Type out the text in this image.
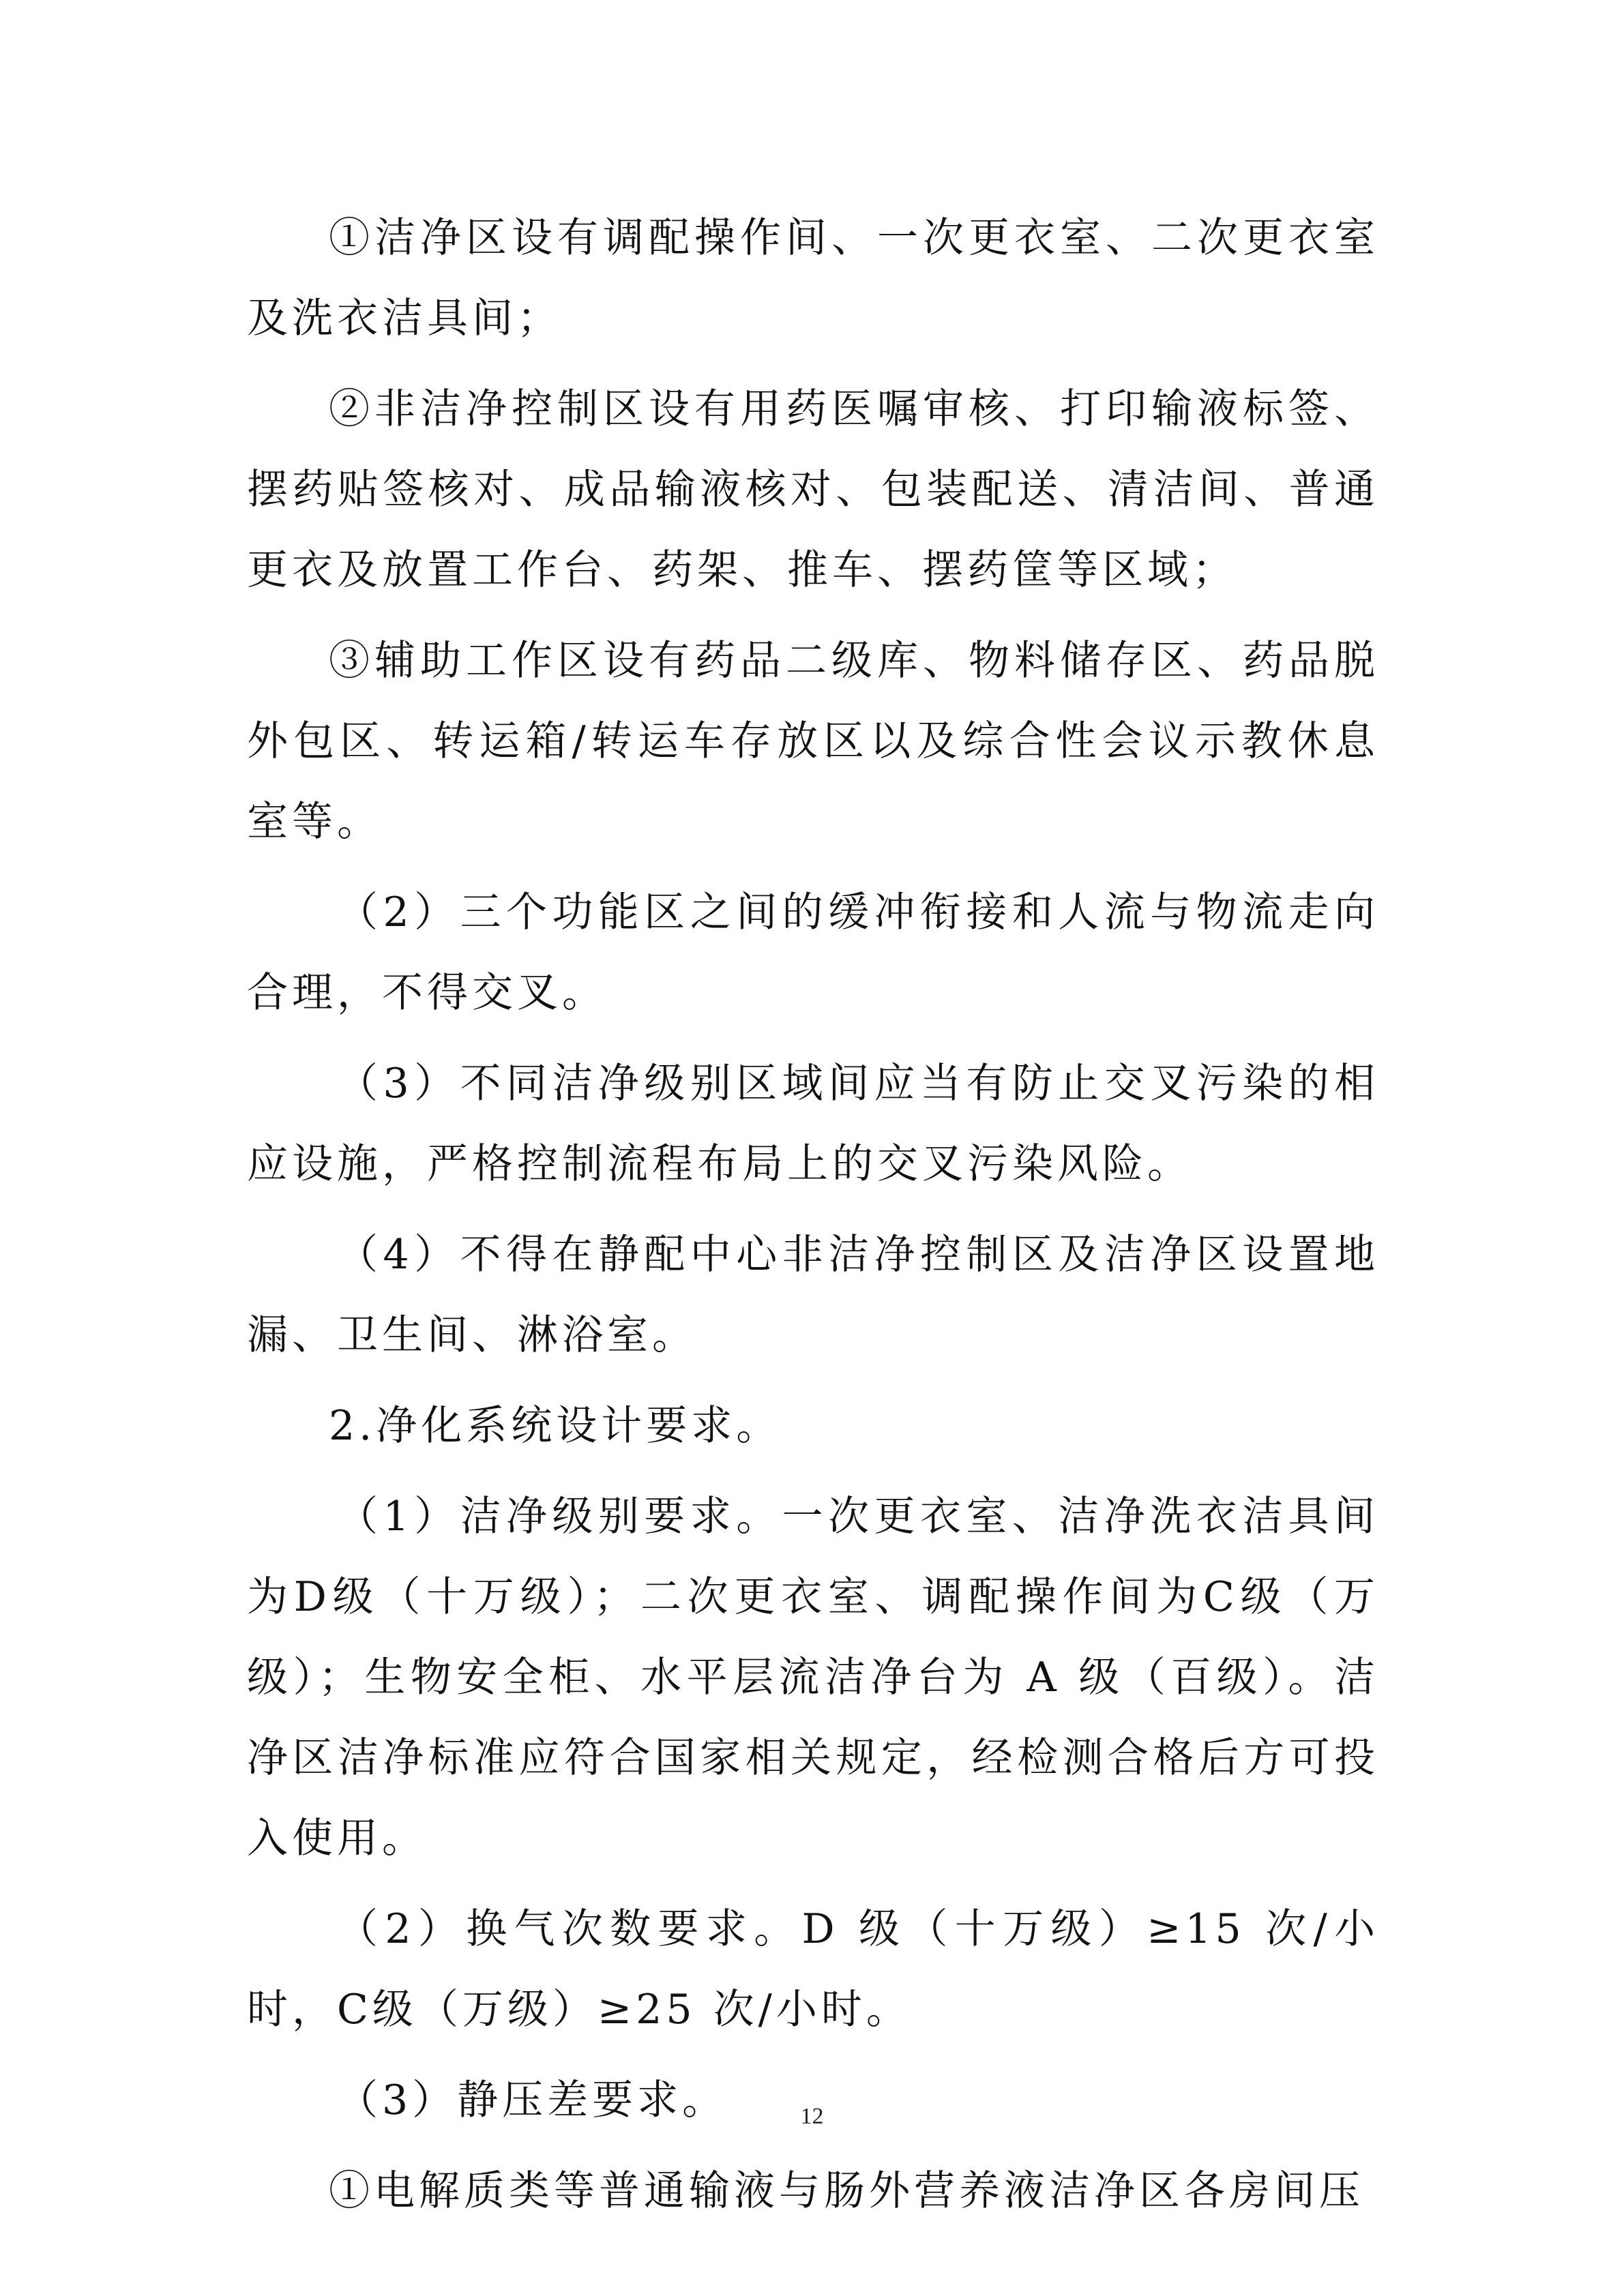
①洁净区设有调配操作间、一次更衣室、二次更衣室及洗衣洁具间；

②非洁净控制区设有用药医嘱审核、打印输液标签、摆药贴签核对、成品输液核对、包装配送、清洁间、普通更衣及放置工作台、药架、推车、摆药筐等区域；

③辅助工作区设有药品二级库、物料储存区、药品脱外包区、转运箱/转运车存放区以及综合性会议示教休息室等。

（2）三个功能区之间的缓冲衔接和人流与物流走向合理，不得交叉。

（3）不同洁净级别区域间应当有防止交叉污染的相应设施，严格控制流程布局上的交叉污染风险。

（4）不得在静配中心非洁净控制区及洁净区设置地漏、卫生间、淋浴室。

2.净化系统设计要求。

（1）洁净级别要求。一次更衣室、洁净洗衣洁具间为D级（十万级）；二次更衣室、调配操作间为C级（万级）；生物安全柜、水平层流洁净台为 A 级（百级）。洁净区洁净标准应符合国家相关规定，经检测合格后方可投入使用。

（2）换气次数要求。D 级（十万级）≥15 次/小时，C级（万级）≥25 次/小时。

（3）静压差要求。

①电解质类等普通输液与肠外营养液洁净区各房间压

12
